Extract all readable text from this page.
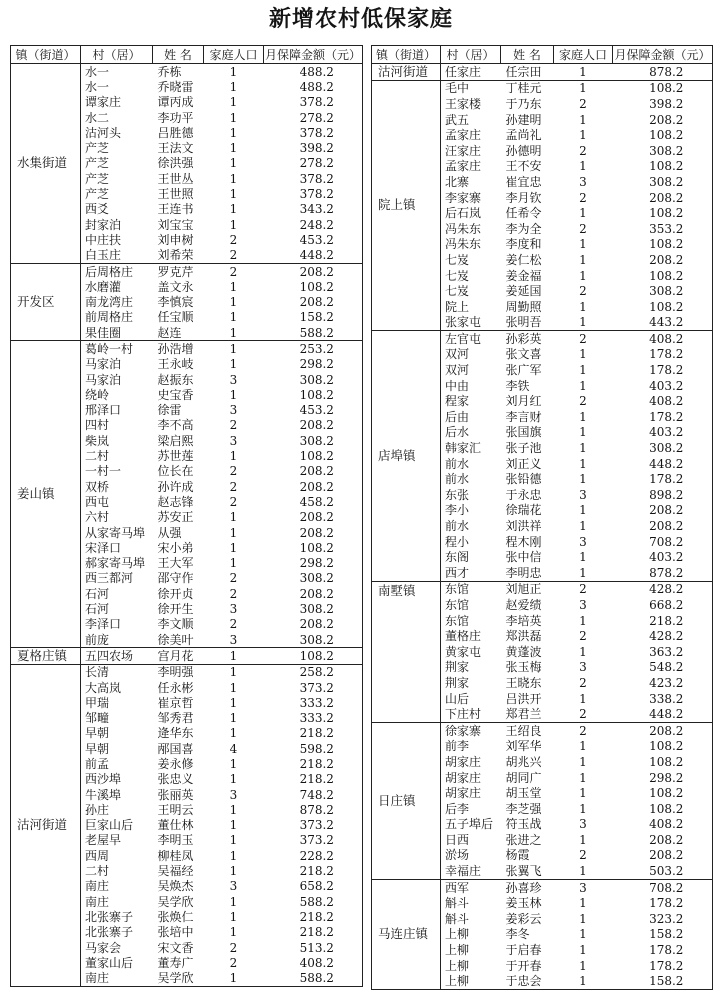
新增农村低保家庭
镇（街道）	村（居）	姓 名	家庭人口	月保障金额（元）
水集街道	水一	乔栋	1	488.2
	水一	乔晓雷	1	488.2
	谭家庄	谭丙成	1	378.2
	水二	李功平	1	278.2
	沽河头	吕胜德	1	378.2
	产芝	王法文	1	398.2
	产芝	徐洪强	1	278.2
	产芝	王世丛	1	378.2
	产芝	王世照	1	378.2
	西爻	王连书	1	343.2
	封家泊	刘宝宝	1	248.2
	中庄扶	刘申树	2	453.2
	白玉庄	刘希荣	2	448.2
开发区	后周格庄	罗克芹	2	208.2
	水磨灌	盖文永	1	108.2
	南龙湾庄	李慎宸	1	208.2
	前周格庄	任宝顺	1	158.2
	果佳圈	赵连	1	588.2
姜山镇	葛岭一村	孙浩增	1	253.2
	马家泊	王永岐	1	298.2
	马家泊	赵振东	3	308.2
	绕岭	史宝香	1	108.2
	邢泽口	徐雷	3	453.2
	四村	李不高	2	208.2
	柴岚	梁启熙	3	308.2
	二村	苏世莲	1	108.2
	一村一	位长在	2	208.2
	双桥	孙许成	2	208.2
	西屯	赵志锋	2	458.2
	六村	苏安正	1	208.2
	从家寄马埠	从强	1	208.2
	宋泽口	宋小弟	1	108.2
	郝家寄马埠	王大军	1	298.2
	西三都河	邵守作	2	308.2
	石河	徐开贞	2	208.2
	石河	徐开生	3	308.2
	李泽口	李文顺	2	208.2
	前庞	徐美叶	3	308.2
夏格庄镇	五四农场	宫月花	1	108.2
沽河街道	长清	李明强	1	258.2
	大高岚	任永彬	1	373.2
	甲瑞	崔京哲	1	333.2
	邹疃	邹秀君	1	333.2
	早朝	逄华东	1	218.2
	早朝	邴国喜	4	598.2
	前孟	姜永修	1	218.2
	西沙埠	张忠义	1	218.2
	牛溪埠	张丽英	3	748.2
	孙庄	王明云	1	878.2
	巨家山后	董仕林	1	373.2
	老屋早	李明玉	1	373.2
	西周	柳桂凤	1	228.2
	二村	吴福经	1	218.2
	南庄	吴焕杰	3	658.2
	南庄	吴学欣	1	588.2
	北张寨子	张焕仁	1	218.2
	北张寨子	张培中	1	218.2
	马家会	宋文香	2	513.2
	董家山后	董寿广	2	408.2
	南庄	吴学欣	1	588.2
镇（街道）	村（居）	姓 名	家庭人口	月保障金额（元）
沽河街道	任家庄	任宗田	1	878.2
院上镇	毛中	丁桂元	1	108.2
	王家楼	于乃东	2	398.2
	武五	孙建明	1	208.2
	孟家庄	孟尚礼	1	108.2
	汪家庄	孙德明	2	308.2
	孟家庄	王不安	1	108.2
	北寨	崔宜忠	3	308.2
	李家寨	李月钦	2	208.2
	后石岚	任希令	1	108.2
	冯朱东	李为全	2	353.2
	冯朱东	李度和	1	108.2
	七岌	姜仁松	1	208.2
	七岌	姜金福	1	108.2
	七岌	姜延国	2	308.2
	院上	周勤照	1	108.2
	张家屯	张明吾	1	443.2
店埠镇	左官屯	孙彩英	2	408.2
	双河	张文喜	1	178.2
	双河	张广军	1	178.2
	中由	李铁	1	403.2
	程家	刘月红	2	408.2
	后由	李言财	1	178.2
	后水	张国旗	1	403.2
	韩家汇	张子池	1	308.2
	前水	刘正义	1	448.2
	前水	张铅德	1	178.2
	东张	于永忠	3	898.2
	李小	徐瑞花	1	208.2
	前水	刘洪祥	1	208.2
	程小	程木刚	3	708.2
	东阁	张中信	1	403.2
	西才	李明忠	1	878.2
南墅镇	东馆	刘旭正	2	428.2
	东馆	赵爱绩	3	668.2
	东馆	李培英	1	218.2
	董格庄	郑洪磊	2	428.2
	黄家屯	黄蓬波	1	363.2
	荆家	张玉梅	3	548.2
	荆家	王晓东	2	423.2
	山后	吕洪开	1	338.2
	下庄村	郑君兰	2	448.2
日庄镇	徐家寨	王绍良	2	208.2
	前李	刘军华	1	108.2
	胡家庄	胡兆兴	1	108.2
	胡家庄	胡同广	1	298.2
	胡家庄	胡玉堂	1	108.2
	后李	李芝强	1	108.2
	五子埠后	符玉战	3	408.2
	日西	张进之	1	208.2
	淤场	杨霞	2	208.2
	幸福庄	张翼飞	1	503.2
马连庄镇	西军	孙喜珍	3	708.2
	斛斗	姜玉林	1	178.2
	斛斗	姜彩云	1	323.2
	上柳	李冬	1	158.2
	上柳	于启春	1	178.2
	上柳	于开春	1	178.2
	上柳	于忠会	1	158.2
